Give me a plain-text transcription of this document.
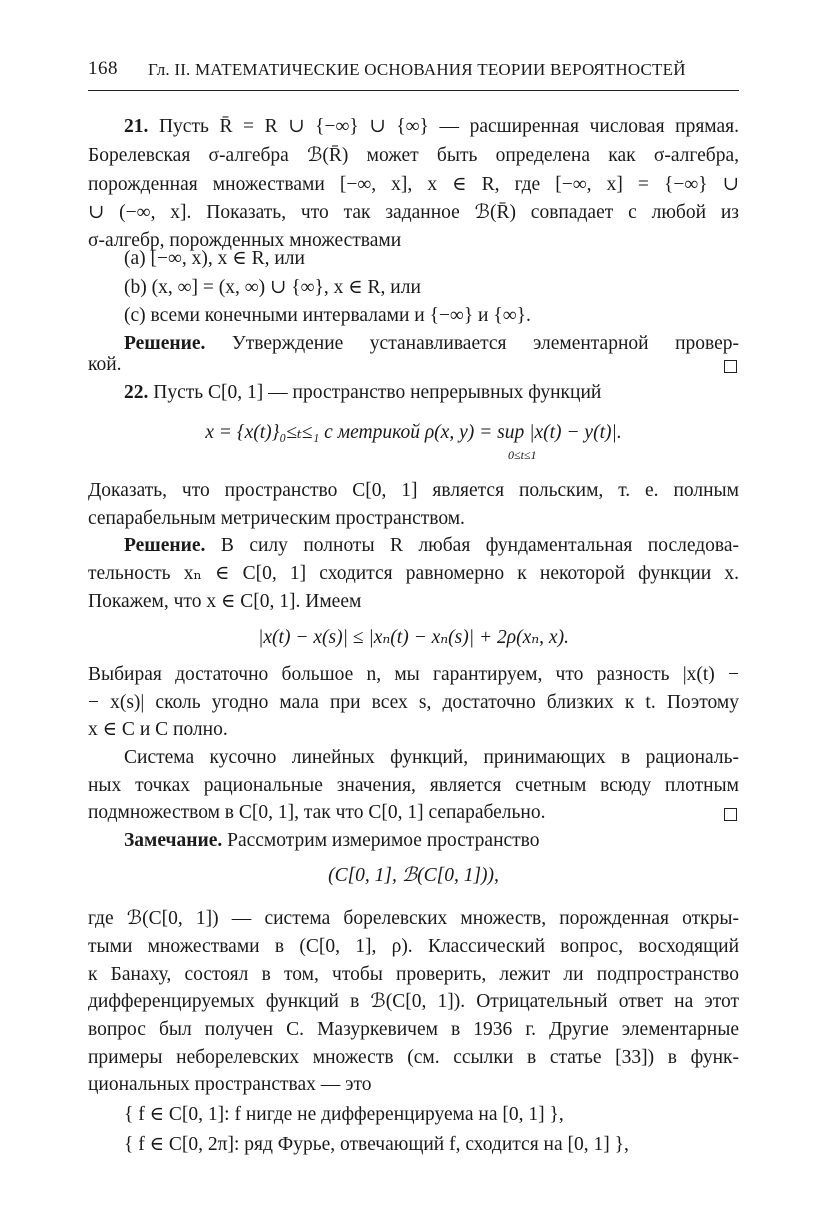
168 Гл. II. МАТЕМАТИЧЕСКИЕ ОСНОВАНИЯ ТЕОРИИ ВЕРОЯТНОСТЕЙ
21. Пусть R̄ = R ∪ {−∞} ∪ {∞} — расширенная числовая прямая.
Борелевская σ-алгебра ℬ(R̄) может быть определена как σ-алгебра,
порожденная множествами [−∞, x], x ∈ R, где [−∞, x] = {−∞} ∪
∪ (−∞, x]. Показать, что так заданное ℬ(R̄) совпадает с любой из
σ-алгебр, порожденных множествами
(a) [−∞, x), x ∈ R, или
(b) (x, ∞] = (x, ∞) ∪ {∞}, x ∈ R, или
(c) всеми конечными интервалами и {−∞} и {∞}.
Решение. Утверждение устанавливается элементарной провер-
кой.
22. Пусть C[0, 1] — пространство непрерывных функций
x = {x(t)}₀≤ₜ≤₁ с метрикой ρ(x, y) = sup |x(t) − y(t)|.
0≤t≤1
Доказать, что пространство C[0, 1] является польским, т. е. полным
сепарабельным метрическим пространством.
Решение. В силу полноты R любая фундаментальная последова-
тельность xₙ ∈ C[0, 1] сходится равномерно к некоторой функции x.
Покажем, что x ∈ C[0, 1]. Имеем
|x(t) − x(s)| ≤ |xₙ(t) − xₙ(s)| + 2ρ(xₙ, x).
Выбирая достаточно большое n, мы гарантируем, что разность |x(t) −
− x(s)| сколь угодно мала при всех s, достаточно близких к t. Поэтому
x ∈ C и C полно.
Система кусочно линейных функций, принимающих в рациональ-
ных точках рациональные значения, является счетным всюду плотным
подмножеством в C[0, 1], так что C[0, 1] сепарабельно.
Замечание. Рассмотрим измеримое пространство
(C[0, 1], ℬ(C[0, 1])),
где ℬ(C[0, 1]) — система борелевских множеств, порожденная откры-
тыми множествами в (C[0, 1], ρ). Классический вопрос, восходящий
к Банаху, состоял в том, чтобы проверить, лежит ли подпространство
дифференцируемых функций в ℬ(C[0, 1]). Отрицательный ответ на этот
вопрос был получен С. Мазуркевичем в 1936 г. Другие элементарные
примеры неборелевских множеств (см. ссылки в статье [33]) в функ-
циональных пространствах — это
{ f ∈ C[0, 1]: f нигде не дифференцируема на [0, 1] },
{ f ∈ C[0, 2π]: ряд Фурье, отвечающий f, сходится на [0, 1] },
